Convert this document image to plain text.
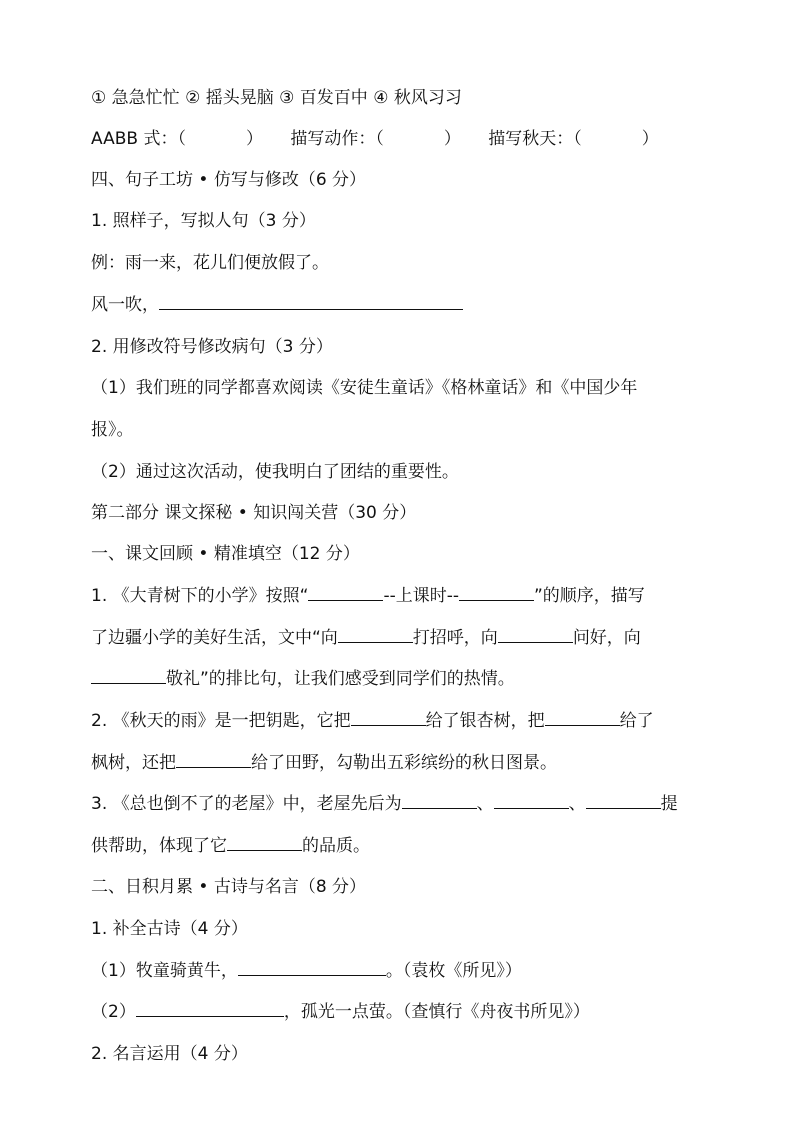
① 急急忙忙 ② 摇头晃脑 ③ 百发百中 ④ 秋风习习
AABB 式：（	） 描写动作：（	） 描写秋天：（	）
四、句子工坊 • 仿写与修改（6 分）
1. 照样子，写拟人句（3 分）
例：雨一来，花儿们便放假了。
风一吹，
2. 用修改符号修改病句（3 分）
（1）我们班的同学都喜欢阅读《安徒生童话》《格林童话》和《中国少年
报》。
（2）通过这次活动，使我明白了团结的重要性。
第二部分 课文探秘 • 知识闯关营（30 分）
一、课文回顾 • 精准填空（12 分）
1. 《大青树下的小学》按照“	--上课时--	”的顺序，描写
了边疆小学的美好生活，文中“向	打招呼，向	问好，向
敬礼”的排比句，让我们感受到同学们的热情。
2. 《秋天的雨》是一把钥匙，它把	给了银杏树，把	给了
枫树，还把	给了田野，勾勒出五彩缤纷的秋日图景。
3. 《总也倒不了的老屋》中，老屋先后为	、	、	提
供帮助，体现了它	的品质。
二、日积月累 • 古诗与名言（8 分）
1. 补全古诗（4 分）
（1）牧童骑黄牛，	。（袁枚《所见》）
（2）	，孤光一点萤。（查慎行《舟夜书所见》）
2. 名言运用（4 分）
